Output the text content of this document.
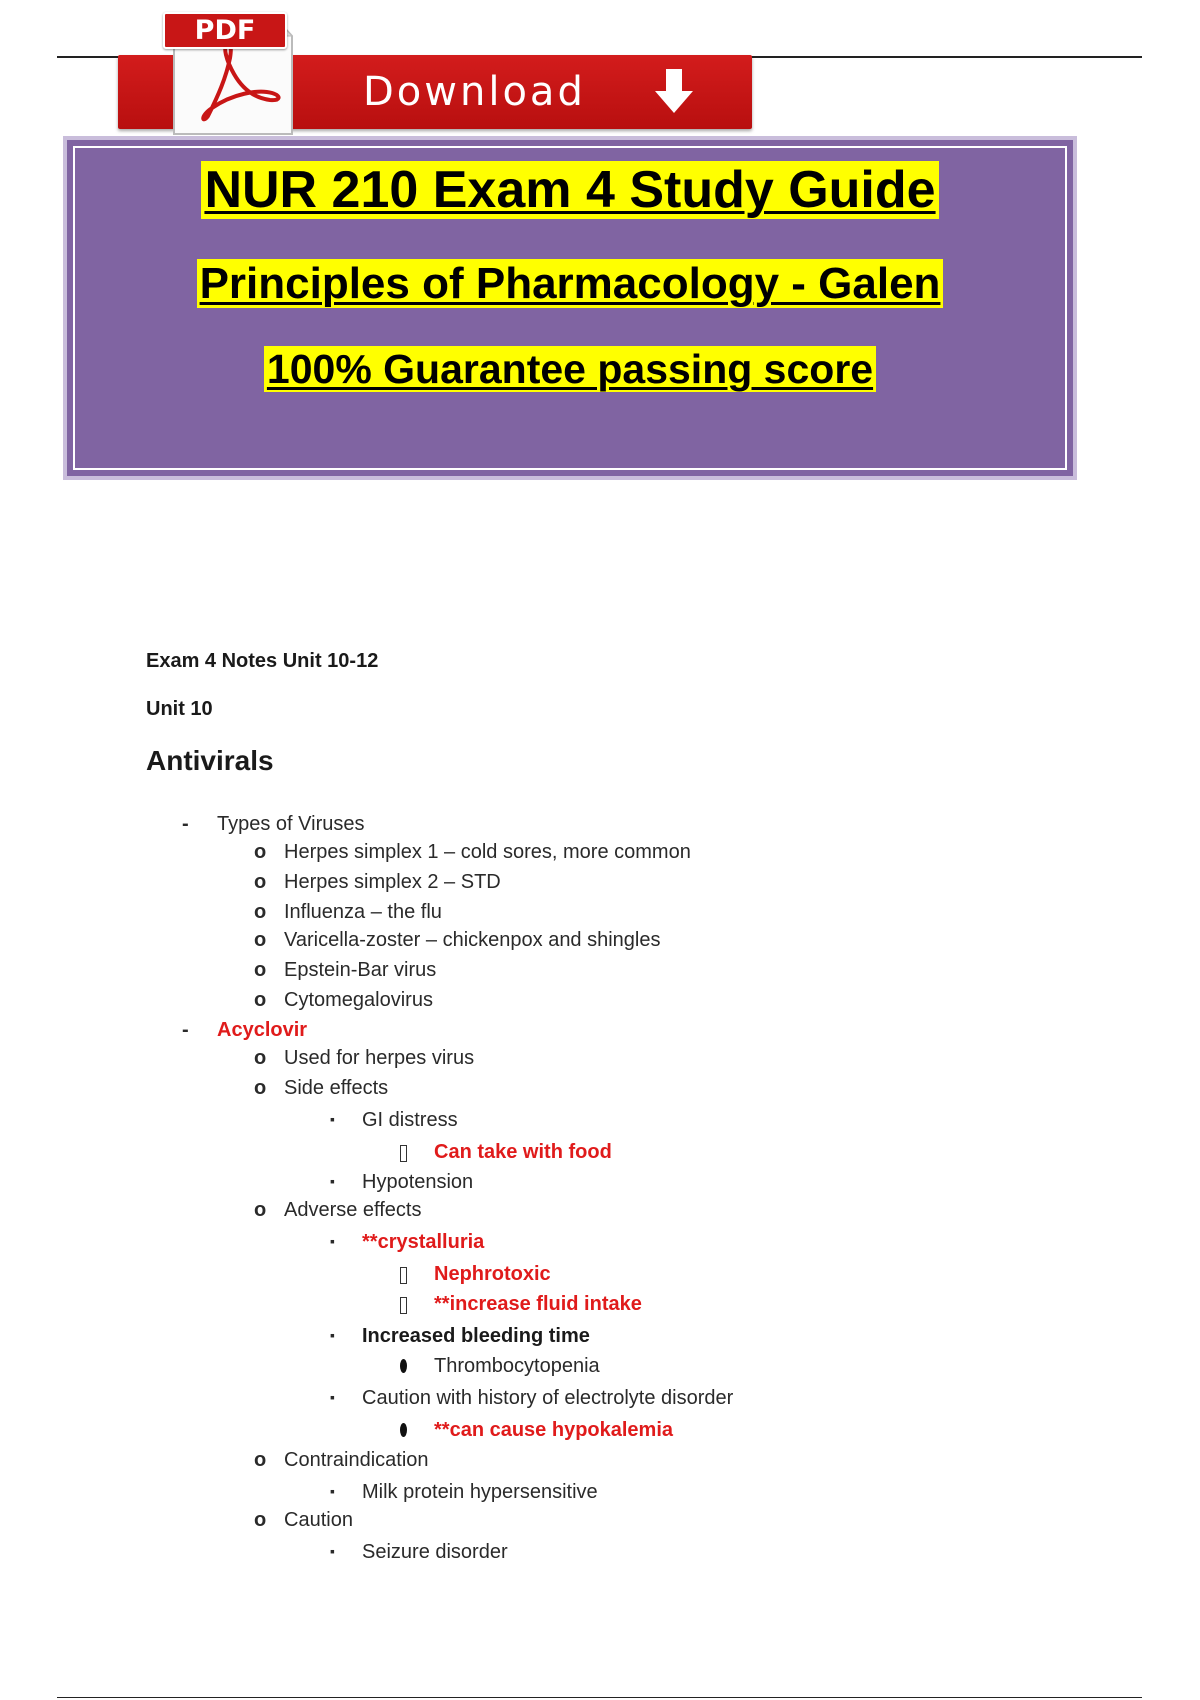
Download
PDF
NUR 210 Exam 4 Study Guide
Principles of Pharmacology - Galen
100% Guarantee passing score
Exam 4 Notes Unit 10-12
Unit 10
Antivirals
- Types of Viruses
o Herpes simplex 1 – cold sores, more common
o Herpes simplex 2 – STD
o Influenza – the flu
o Varicella-zoster – chickenpox and shingles
o Epstein-Bar virus
o Cytomegalovirus
- Acyclovir
o Used for herpes virus
o Side effects
▪ GI distress
Can take with food
▪ Hypotension
o Adverse effects
▪ **crystalluria
Nephrotoxic
**increase fluid intake
▪ Increased bleeding time
Thrombocytopenia
▪ Caution with history of electrolyte disorder
**can cause hypokalemia
o Contraindication
▪ Milk protein hypersensitive
o Caution
▪ Seizure disorder
